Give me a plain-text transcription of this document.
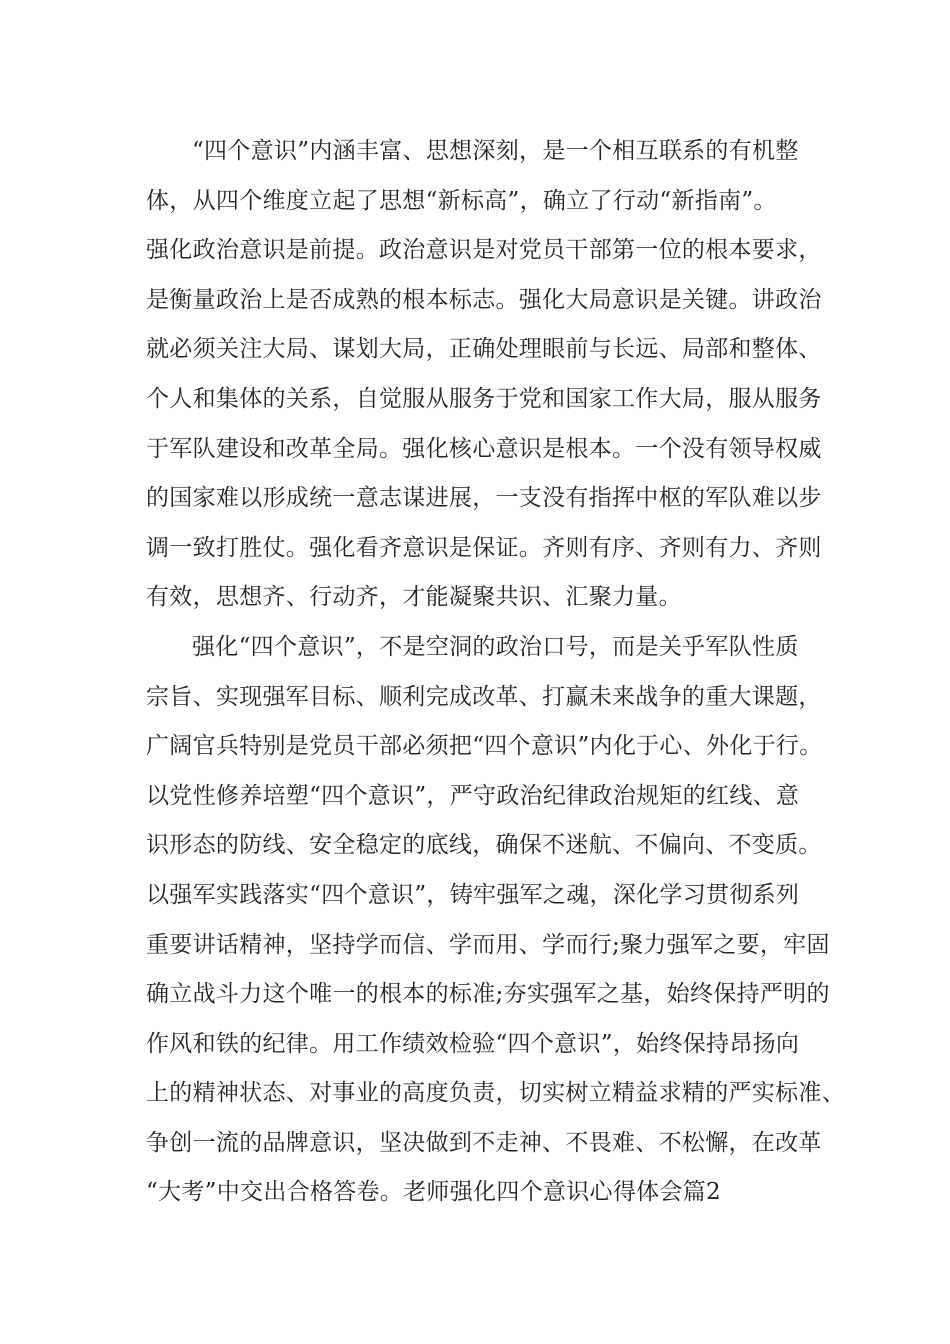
“四个意识”内涵丰富、思想深刻，是一个相互联系的有机整
体，从四个维度立起了思想“新标高”，确立了行动“新指南”。
强化政治意识是前提。政治意识是对党员干部第一位的根本要求，
是衡量政治上是否成熟的根本标志。强化大局意识是关键。讲政治
就必须关注大局、谋划大局，正确处理眼前与长远、局部和整体、
个人和集体的关系，自觉服从服务于党和国家工作大局，服从服务
于军队建设和改革全局。强化核心意识是根本。一个没有领导权威
的国家难以形成统一意志谋进展，一支没有指挥中枢的军队难以步
调一致打胜仗。强化看齐意识是保证。齐则有序、齐则有力、齐则
有效，思想齐、行动齐，才能凝聚共识、汇聚力量。
强化“四个意识”，不是空洞的政治口号，而是关乎军队性质
宗旨、实现强军目标、顺利完成改革、打赢未来战争的重大课题，
广阔官兵特别是党员干部必须把“四个意识”内化于心、外化于行。
以党性修养培塑“四个意识”，严守政治纪律政治规矩的红线、意
识形态的防线、安全稳定的底线，确保不迷航、不偏向、不变质。
以强军实践落实“四个意识”，铸牢强军之魂，深化学习贯彻系列
重要讲话精神，坚持学而信、学而用、学而行;聚力强军之要，牢固
确立战斗力这个唯一的根本的标准;夯实强军之基，始终保持严明的
作风和铁的纪律。用工作绩效检验“四个意识”，始终保持昂扬向
上的精神状态、对事业的高度负责，切实树立精益求精的严实标准、
争创一流的品牌意识，坚决做到不走神、不畏难、不松懈，在改革
“大考”中交出合格答卷。老师强化四个意识心得体会篇2
